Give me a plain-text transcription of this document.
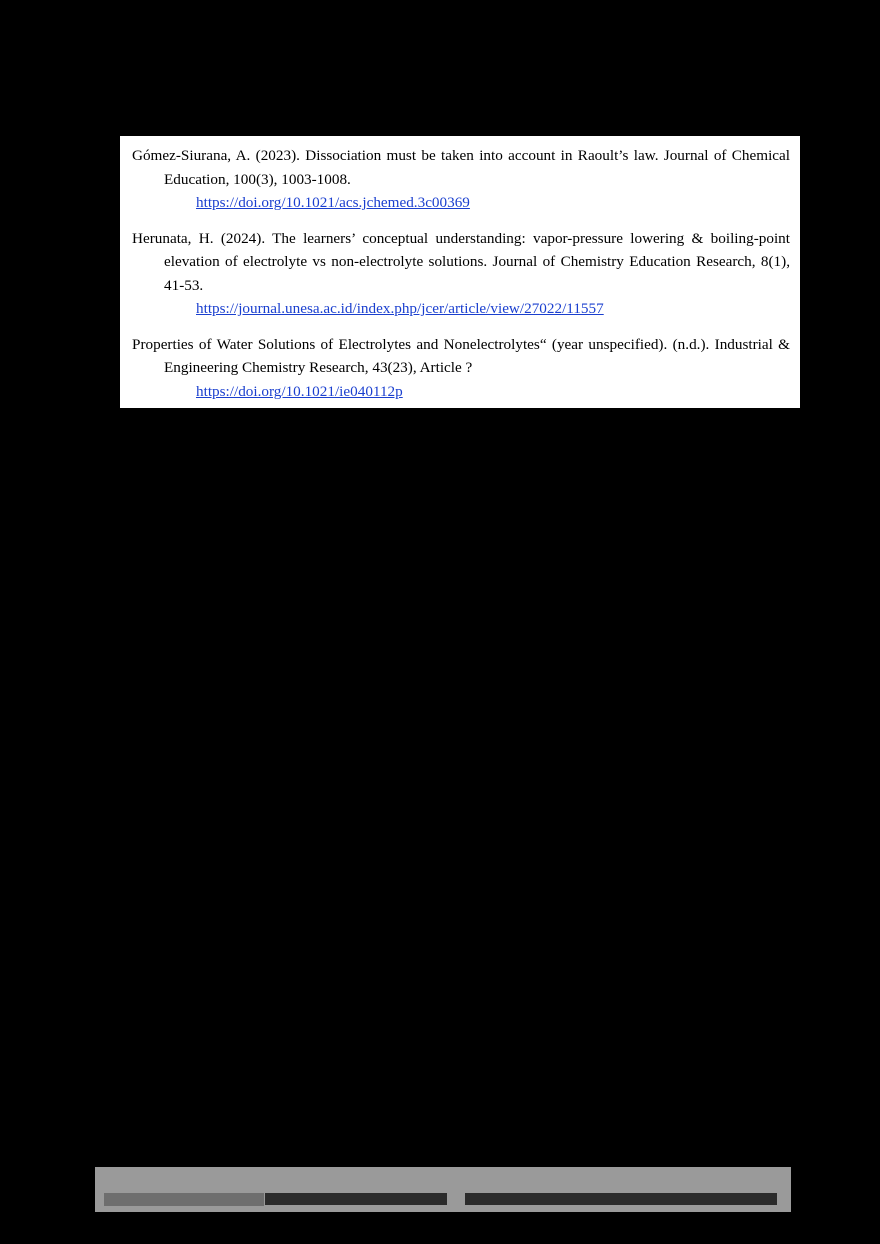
Gómez-Siurana, A. (2023). Dissociation must be taken into account in Raoult’s law. Journal of Chemical Education, 100(3), 1003-1008.
https://doi.org/10.1021/acs.jchemed.3c00369
Herunata, H. (2024). The learners’ conceptual understanding: vapor-pressure lowering & boiling-point elevation of electrolyte vs non-electrolyte solutions. Journal of Chemistry Education Research, 8(1), 41-53.
https://journal.unesa.ac.id/index.php/jcer/article/view/27022/11557
Properties of Water Solutions of Electrolytes and Nonelectrolytes“ (year unspecified). (n.d.). Industrial & Engineering Chemistry Research, 43(23), Article ?
https://doi.org/10.1021/ie040112p
